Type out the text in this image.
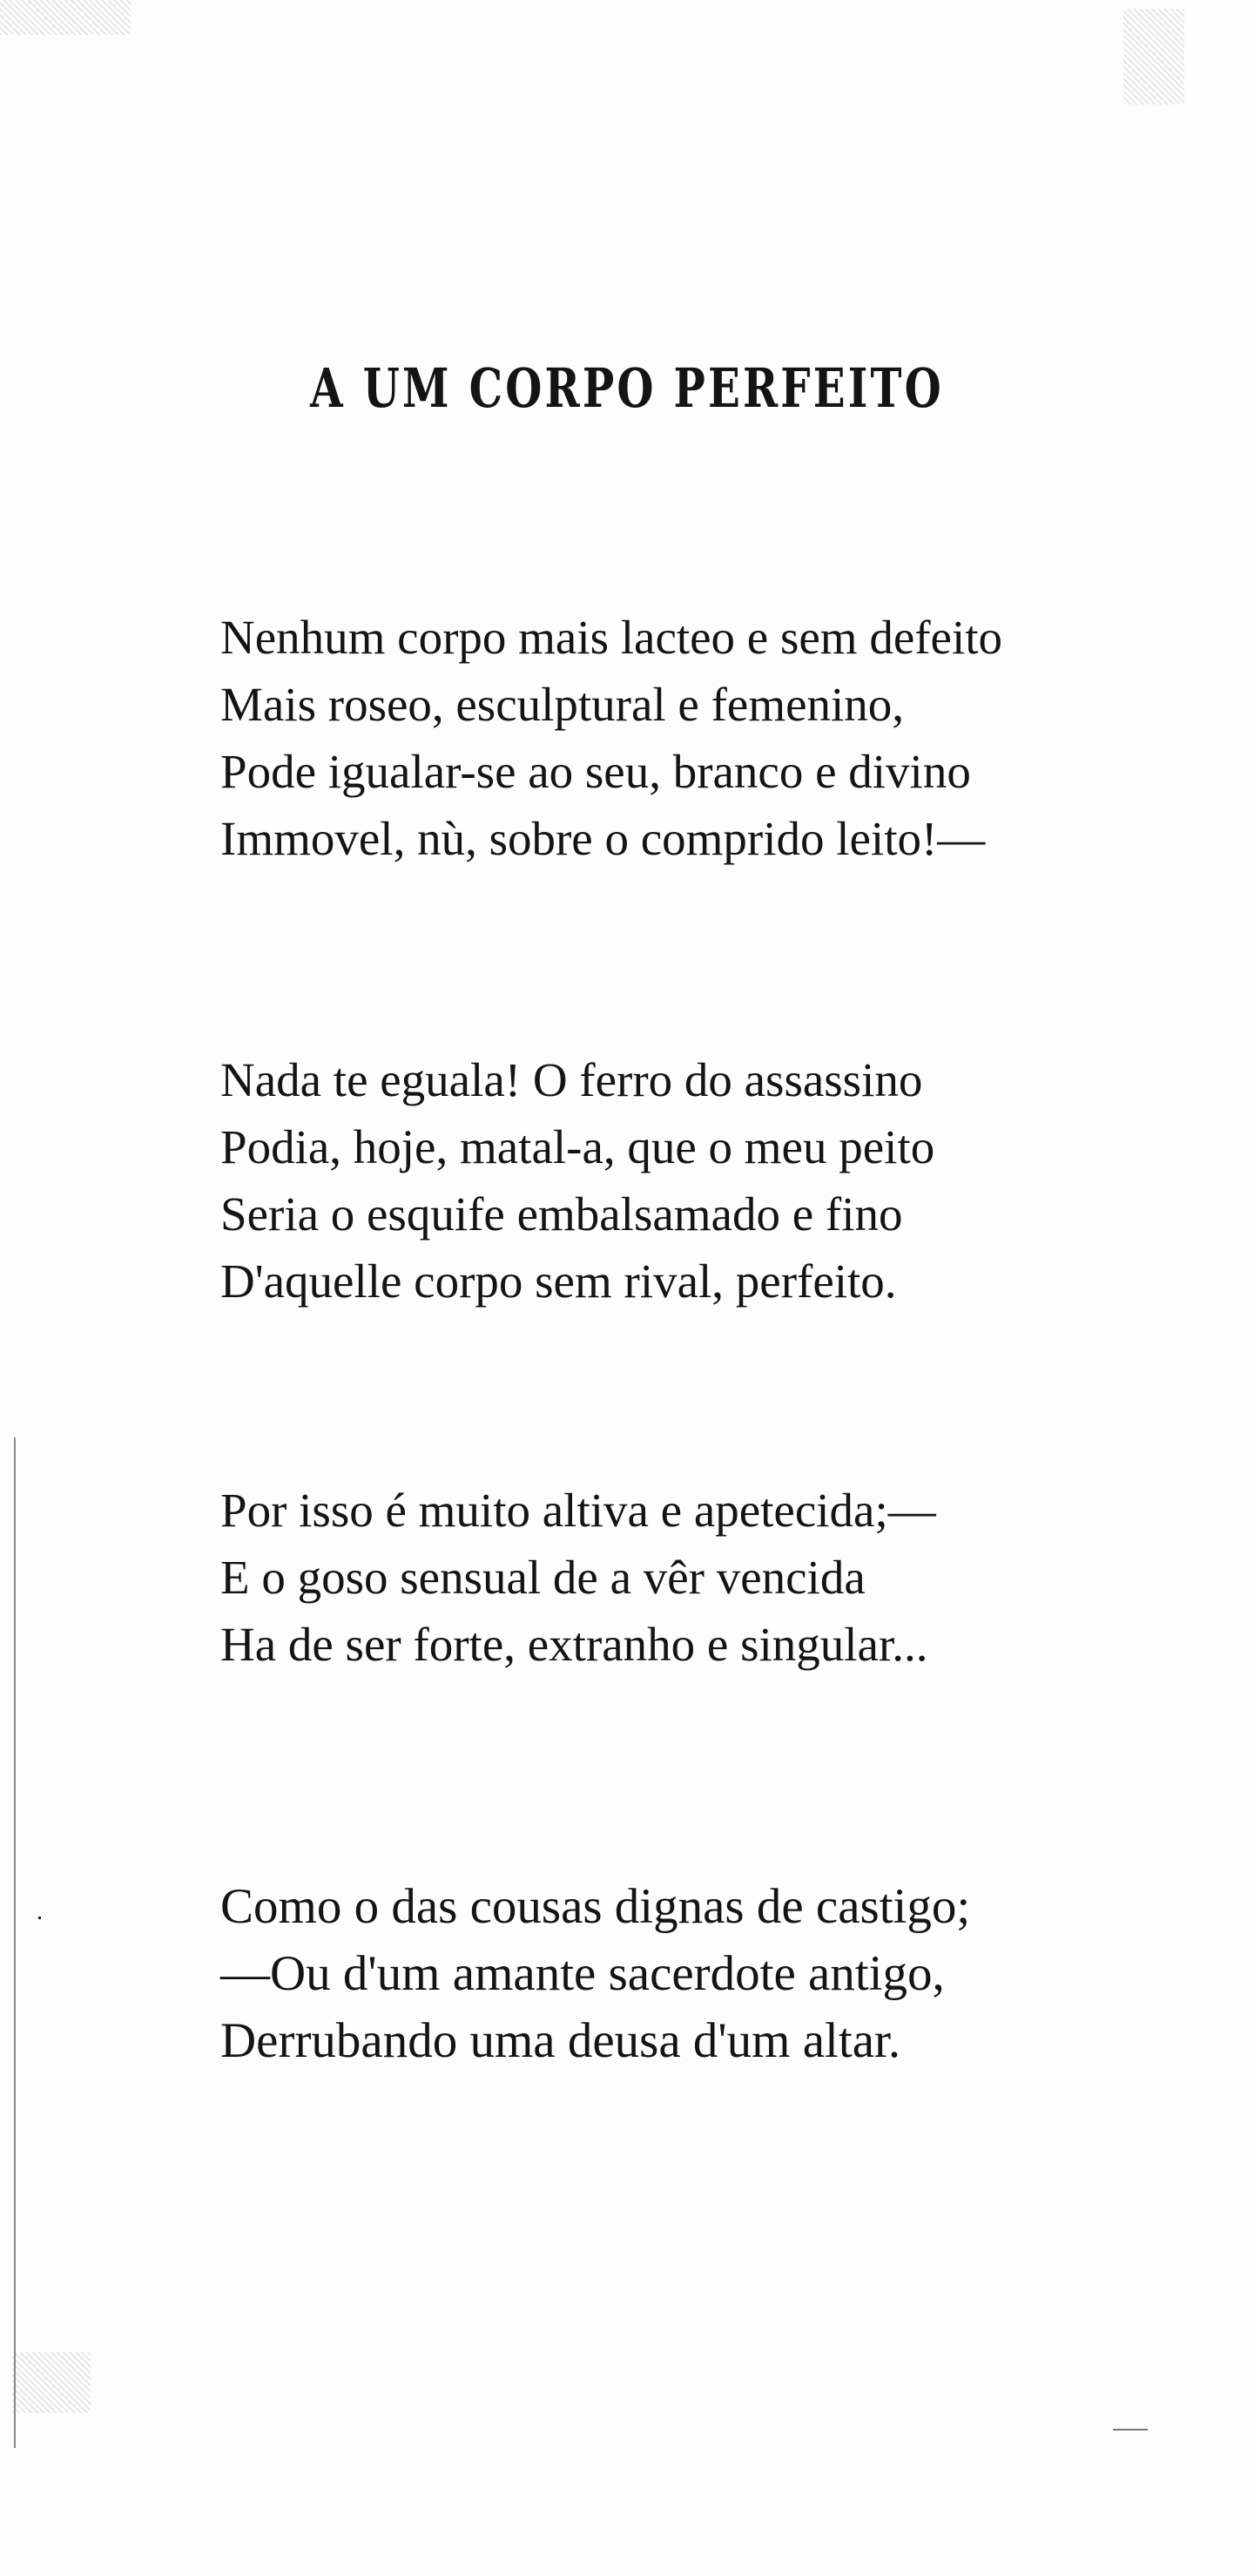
A UM CORPO PERFEITO
Nenhum corpo mais lacteo e sem defeito
Mais roseo, esculptural e femenino,
Pode igualar-se ao seu, branco e divino
Immovel, nù, sobre o comprido leito!—
Nada te eguala! O ferro do assassino
Podia, hoje, matal-a, que o meu peito
Seria o esquife embalsamado e fino
D'aquelle corpo sem rival, perfeito.
Por isso é muito altiva e apetecida;—
E o goso sensual de a vêr vencida
Ha de ser forte, extranho e singular...
Como o das cousas dignas de castigo;
—Ou d'um amante sacerdote antigo,
Derrubando uma deusa d'um altar.
